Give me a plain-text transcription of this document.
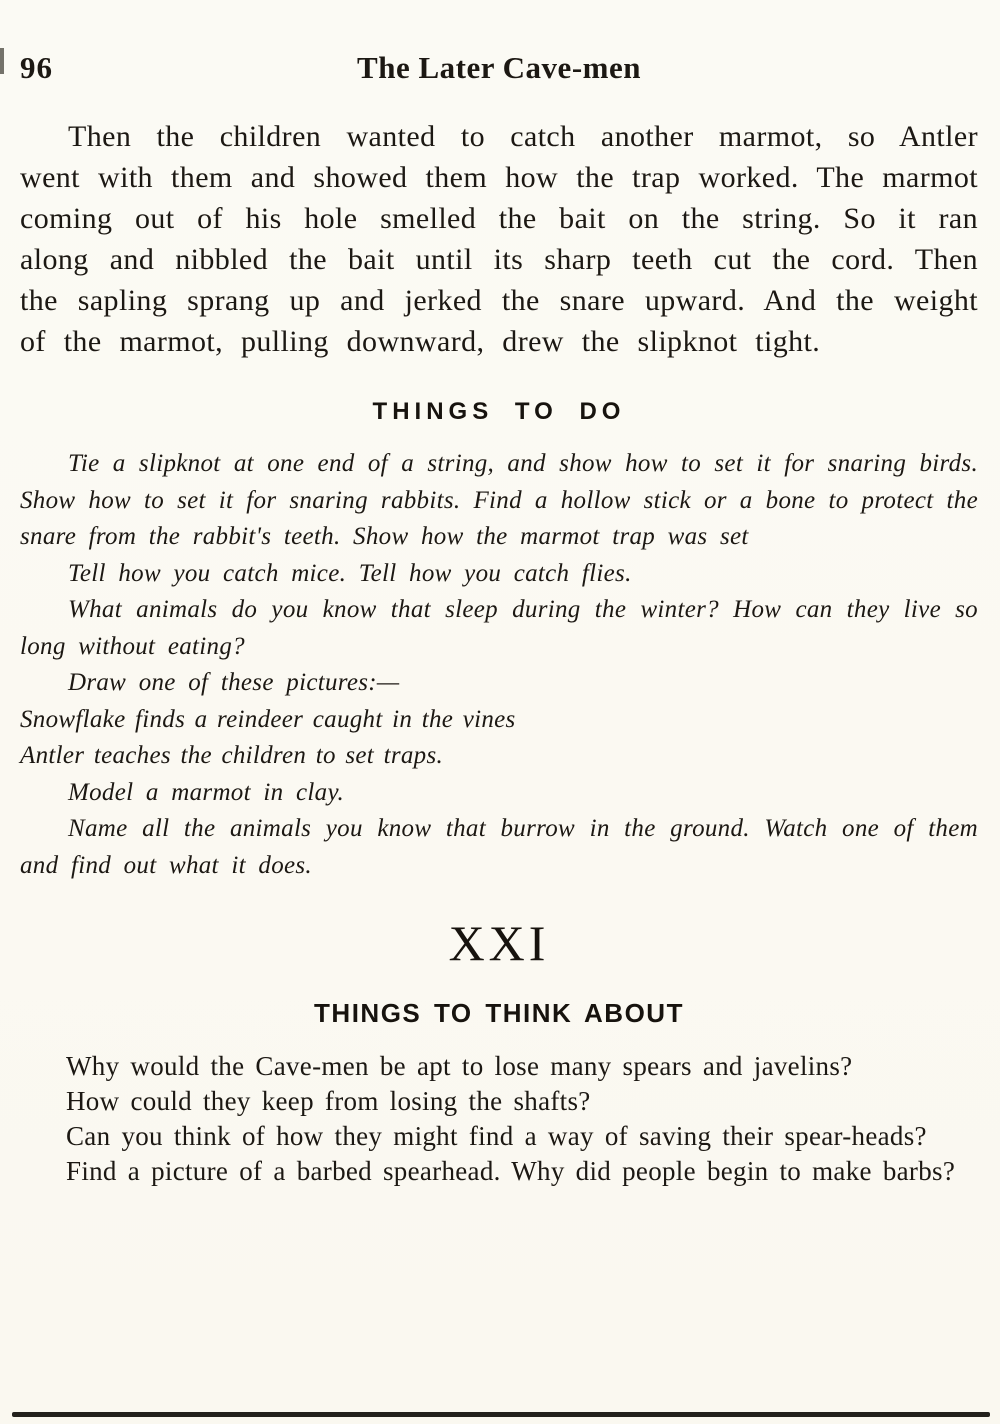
96	The Later Cave-men

Then the children wanted to catch another marmot, so Antler went with them and showed them how the trap worked. The marmot coming out of his hole smelled the bait on the string. So it ran along and nibbled the bait until its sharp teeth cut the cord. Then the sapling sprang up and jerked the snare upward. And the weight of the marmot, pulling downward, drew the slipknot tight.

THINGS TO DO

Tie a slipknot at one end of a string, and show how to set it for snaring birds. Show how to set it for snaring rabbits. Find a hollow stick or a bone to protect the snare from the rabbit's teeth. Show how the marmot trap was set

Tell how you catch mice. Tell how you catch flies.

What animals do you know that sleep during the winter? How can they live so long without eating?

Draw one of these pictures:—

Snowflake finds a reindeer caught in the vines

Antler teaches the children to set traps.

Model a marmot in clay.

Name all the animals you know that burrow in the ground. Watch one of them and find out what it does.

XXI
THINGS TO THINK ABOUT

Why would the Cave-men be apt to lose many spears and javelins?

How could they keep from losing the shafts?

Can you think of how they might find a way of saving their spear-heads?

Find a picture of a barbed spearhead. Why did people begin to make barbs?
